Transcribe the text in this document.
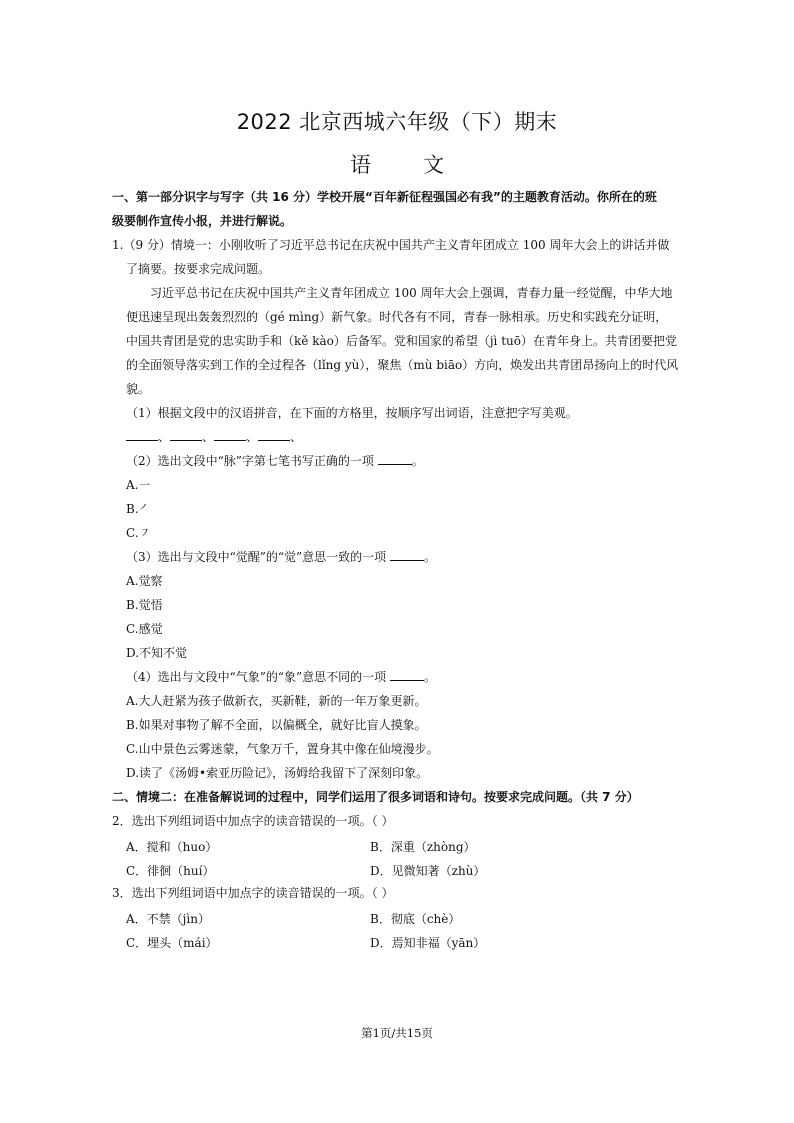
2022 北京西城六年级（下）期末
语 文
一、第一部分识字与写字（共 16 分）学校开展“百年新征程强国必有我”的主题教育活动。你所在的班
级要制作宣传小报，并进行解说。
1.（9 分）情境一：小刚收听了习近平总书记在庆祝中国共产主义青年团成立 100 周年大会上的讲话并做
了摘要。按要求完成问题。
习近平总书记在庆祝中国共产主义青年团成立 100 周年大会上强调，青春力量一经觉醒，中华大地
便迅速呈现出轰轰烈烈的（gé mìng）新气象。时代各有不同，青春一脉相承。历史和实践充分证明，
中国共青团是党的忠实助手和（kě kào）后备军。党和国家的希望（jì tuō）在青年身上。共青团要把党
的全面领导落实到工作的全过程各（lǐng yù），聚焦（mù biāo）方向，焕发出共青团昂扬向上的时代风
貌。
（1）根据文段中的汉语拼音，在下面的方格里，按顺序写出词语，注意把字写美观。
、	、	、	、
（2）选出文段中“脉”字第七笔书写正确的一项	。
A.㇐
B.㇒
C.㇇
（3）选出与文段中“觉醒”的“觉”意思一致的一项	。
A.觉察
B.觉悟
C.感觉
D.不知不觉
（4）选出与文段中“气象”的“象”意思不同的一项	。
A.大人赶紧为孩子做新衣，买新鞋，新的一年万象更新。
B.如果对事物了解不全面，以偏概全，就好比盲人摸象。
C.山中景色云雾迷蒙，气象万千，置身其中像在仙境漫步。
D.读了《汤姆•索亚历险记》，汤姆给我留下了深刻印象。
二、情境二：在准备解说词的过程中，同学们运用了很多词语和诗句。按要求完成问题。（共 7 分）
2．选出下列组词语中加点字的读音错误的一项。（ ）
A．搅和（huo）	B．深重（zhòng）
C．徘徊（huí）	D．见微知著（zhù）
3．选出下列组词语中加点字的读音错误的一项。（ ）
A．不禁（jìn）	B．彻底（chè）
C．埋头（mái）	D．焉知非福（yān）
第1页/共15页
